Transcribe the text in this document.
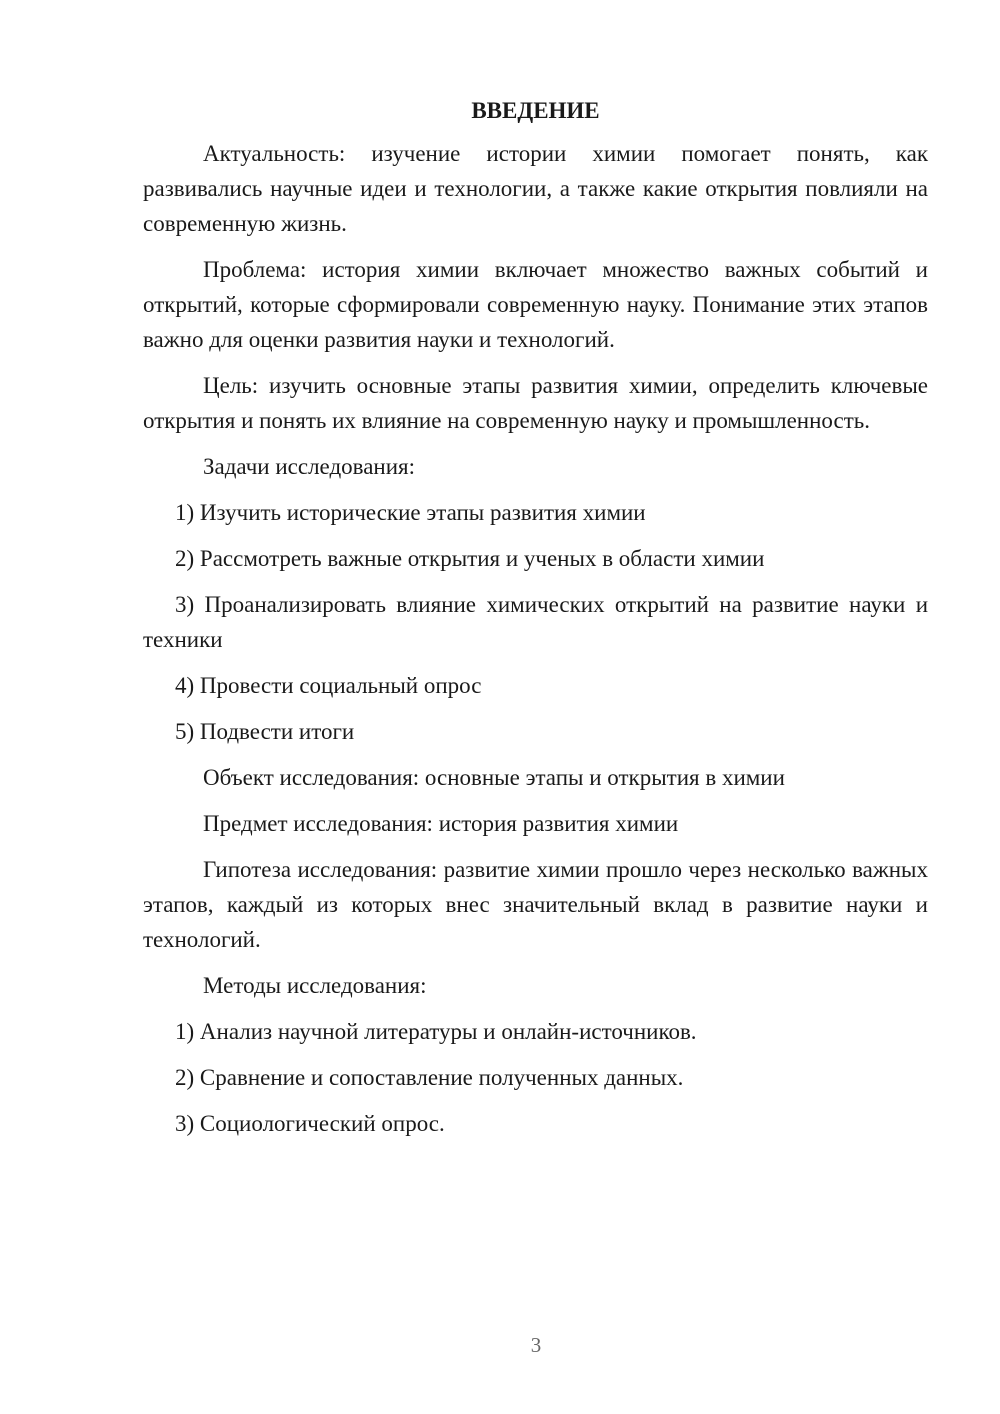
ВВЕДЕНИЕ

Актуальность: изучение истории химии помогает понять, как развивались научные идеи и технологии, а также какие открытия повлияли на современную жизнь.

Проблема: история химии включает множество важных событий и открытий, которые сформировали современную науку. Понимание этих этапов важно для оценки развития науки и технологий.

Цель: изучить основные этапы развития химии, определить ключевые открытия и понять их влияние на современную науку и промышленность.

Задачи исследования:

1) Изучить исторические этапы развития химии

2) Рассмотреть важные открытия и ученых в области химии

3) Проанализировать влияние химических открытий на развитие науки и техники

4) Провести социальный опрос

5) Подвести итоги

Объект исследования: основные этапы и открытия в химии

Предмет исследования: история развития химии

Гипотеза исследования: развитие химии прошло через несколько важных этапов, каждый из которых внес значительный вклад в развитие науки и технологий.

Методы исследования:

1) Анализ научной литературы и онлайн-источников.

2) Сравнение и сопоставление полученных данных.

3) Социологический опрос.

3
